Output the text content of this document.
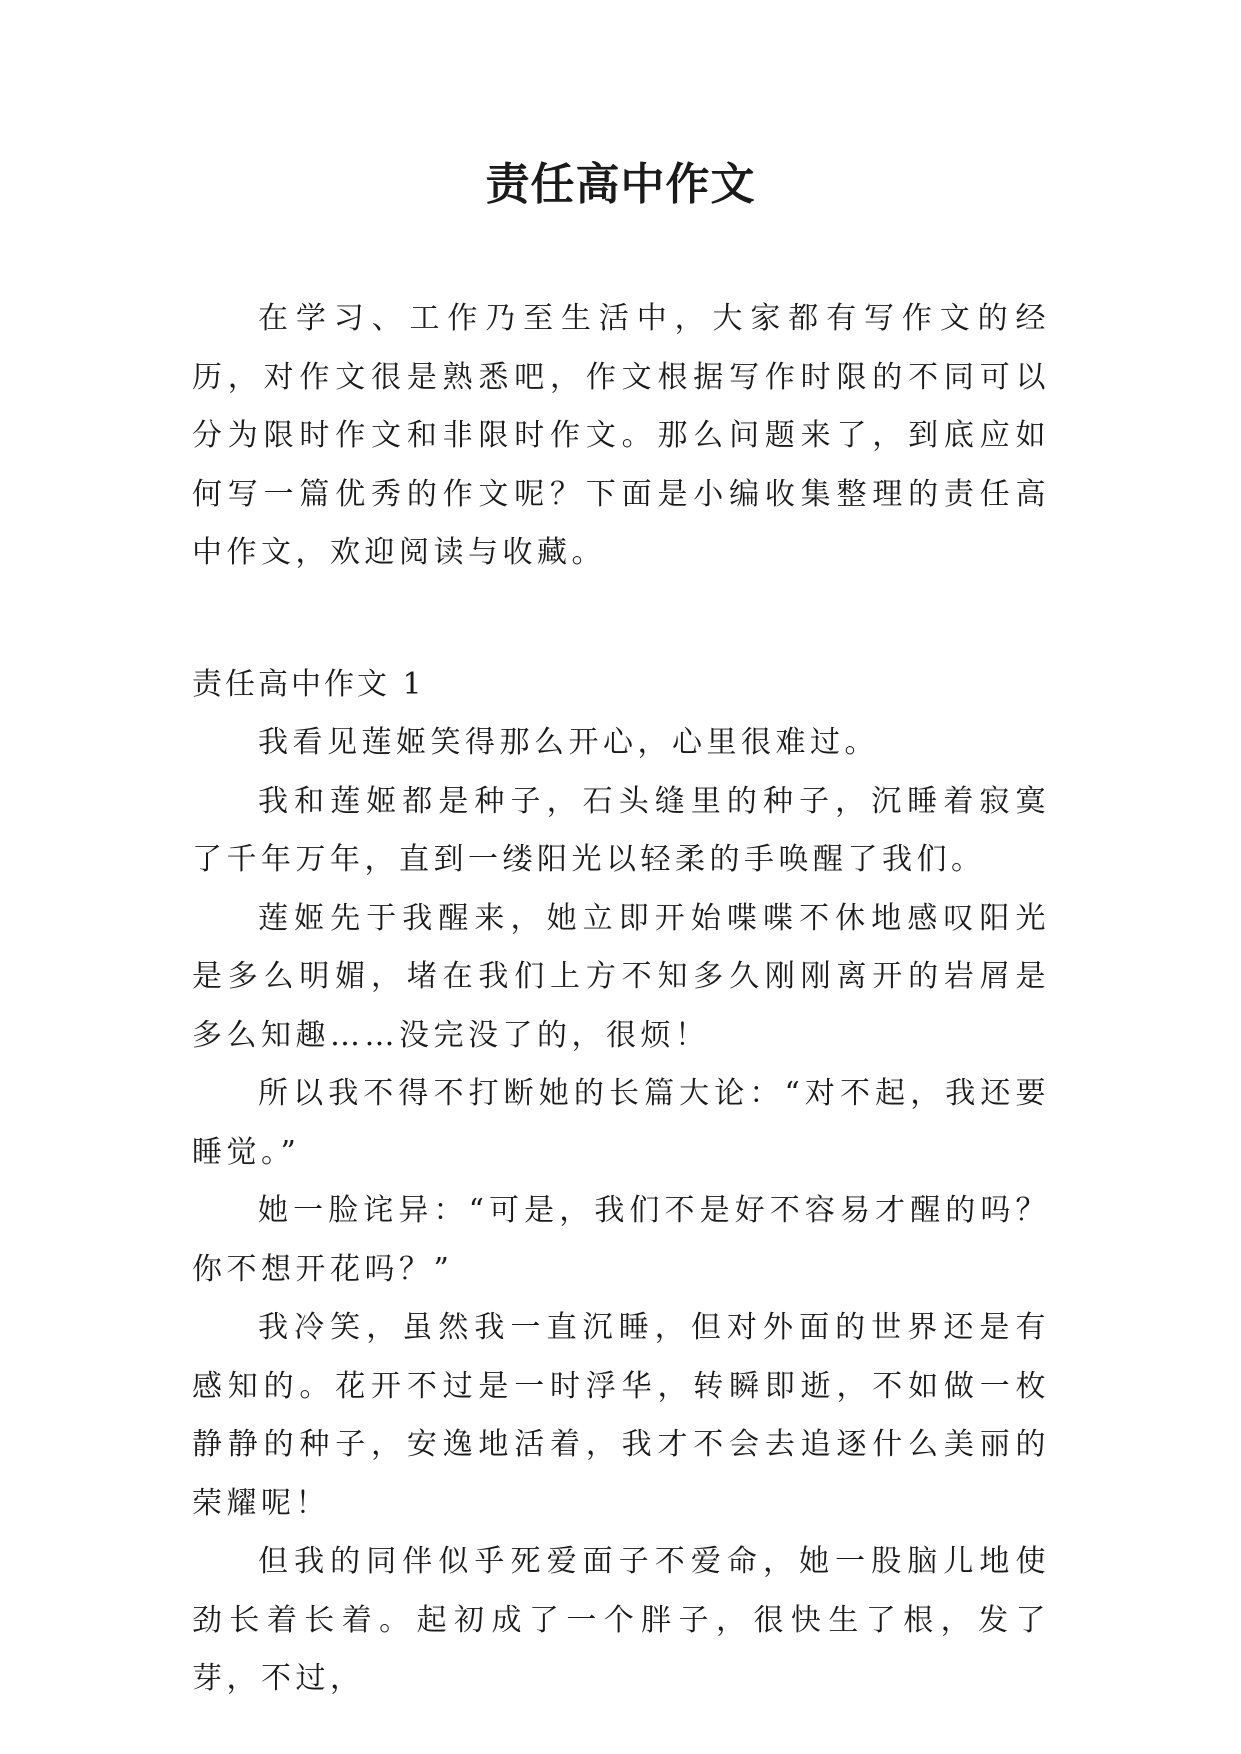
责任高中作文

在学习、工作乃至生活中，大家都有写作文的经历，对作文很是熟悉吧，作文根据写作时限的不同可以分为限时作文和非限时作文。那么问题来了，到底应如何写一篇优秀的作文呢？下面是小编收集整理的责任高中作文，欢迎阅读与收藏。

责任高中作文 1

我看见莲姬笑得那么开心，心里很难过。

我和莲姬都是种子，石头缝里的种子，沉睡着寂寞了千年万年，直到一缕阳光以轻柔的手唤醒了我们。

莲姬先于我醒来，她立即开始喋喋不休地感叹阳光是多么明媚，堵在我们上方不知多久刚刚离开的岩屑是多么知趣……没完没了的，很烦！

所以我不得不打断她的长篇大论：“对不起，我还要睡觉。”

她一脸诧异：“可是，我们不是好不容易才醒的吗？你不想开花吗？”

我冷笑，虽然我一直沉睡，但对外面的世界还是有感知的。花开不过是一时浮华，转瞬即逝，不如做一枚静静的种子，安逸地活着，我才不会去追逐什么美丽的荣耀呢！

但我的同伴似乎死爱面子不爱命，她一股脑儿地使劲长着长着。起初成了一个胖子，很快生了根，发了芽，不过，
